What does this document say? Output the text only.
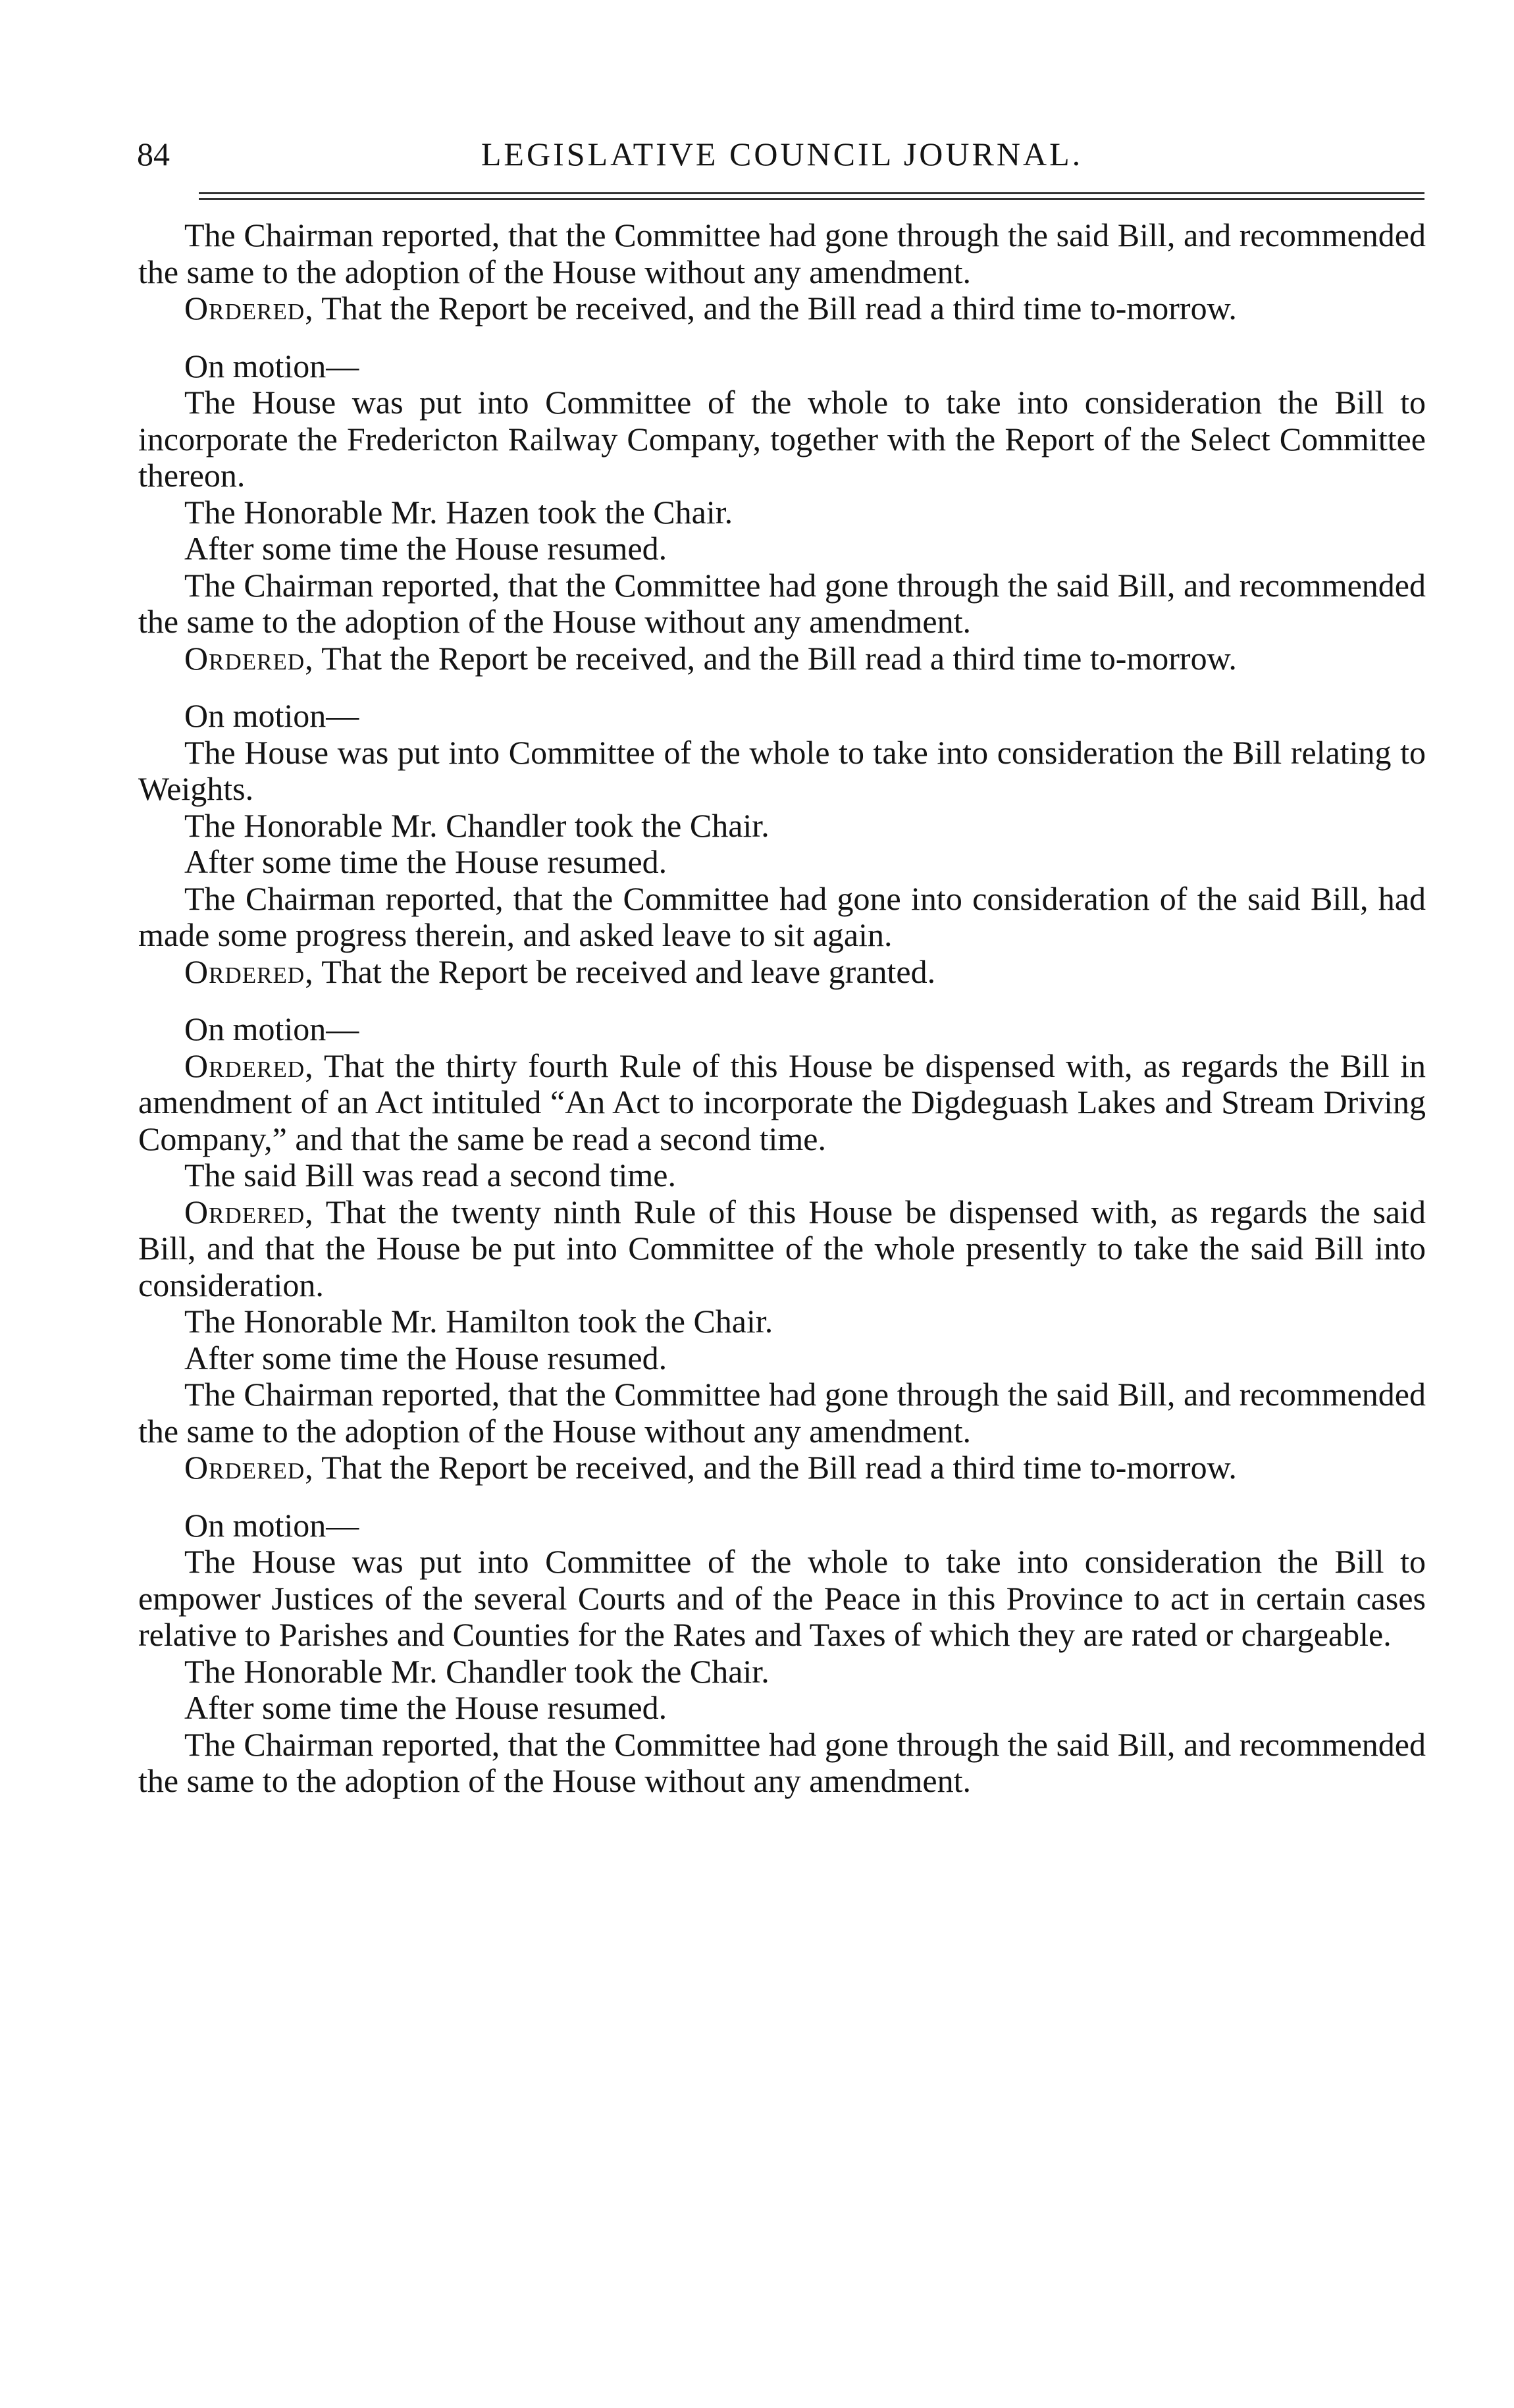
84	LEGISLATIVE COUNCIL JOURNAL.

The Chairman reported, that the Committee had gone through the said Bill, and recommended the same to the adoption of the House without any amendment.

Ordered, That the Report be received, and the Bill read a third time to-morrow.

On motion—

The House was put into Committee of the whole to take into consideration the Bill to incorporate the Fredericton Railway Company, together with the Report of the Select Committee thereon.

The Honorable Mr. Hazen took the Chair.

After some time the House resumed.

The Chairman reported, that the Committee had gone through the said Bill, and recommended the same to the adoption of the House without any amendment.

Ordered, That the Report be received, and the Bill read a third time to-morrow.

On motion—

The House was put into Committee of the whole to take into consideration the Bill relating to Weights.

The Honorable Mr. Chandler took the Chair.

After some time the House resumed.

The Chairman reported, that the Committee had gone into consideration of the said Bill, had made some progress therein, and asked leave to sit again.

Ordered, That the Report be received and leave granted.

On motion—

Ordered, That the thirty fourth Rule of this House be dispensed with, as regards the Bill in amendment of an Act intituled “An Act to incorporate the Digdeguash Lakes and Stream Driving Company,” and that the same be read a second time.

The said Bill was read a second time.

Ordered, That the twenty ninth Rule of this House be dispensed with, as regards the said Bill, and that the House be put into Committee of the whole presently to take the said Bill into consideration.

The Honorable Mr. Hamilton took the Chair.

After some time the House resumed.

The Chairman reported, that the Committee had gone through the said Bill, and recommended the same to the adoption of the House without any amendment.

Ordered, That the Report be received, and the Bill read a third time to-morrow.

On motion—

The House was put into Committee of the whole to take into consideration the Bill to empower Justices of the several Courts and of the Peace in this Province to act in certain cases relative to Parishes and Counties for the Rates and Taxes of which they are rated or chargeable.

The Honorable Mr. Chandler took the Chair.

After some time the House resumed.

The Chairman reported, that the Committee had gone through the said Bill, and recommended the same to the adoption of the House without any amendment.
